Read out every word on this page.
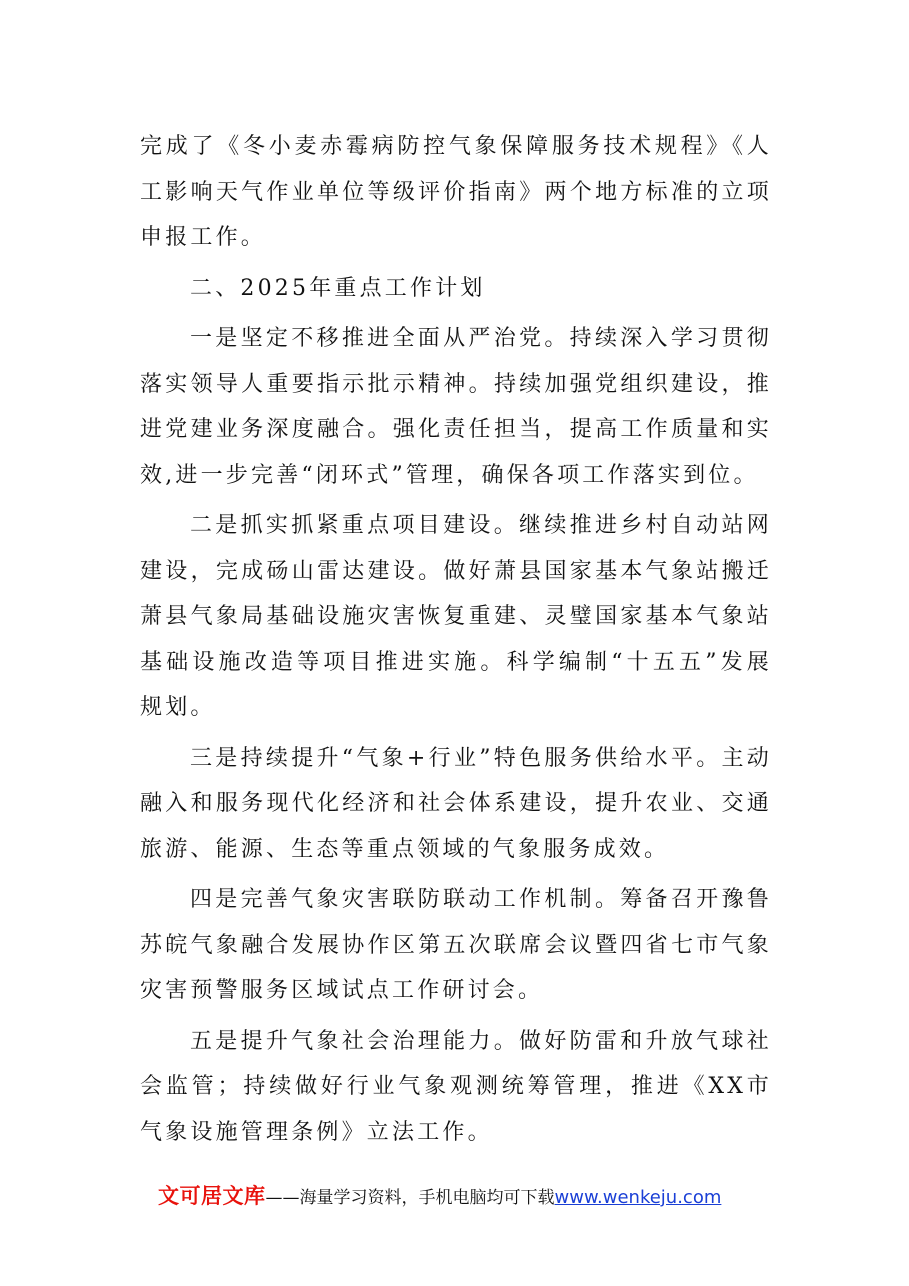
完成了《冬小麦赤霉病防控气象保障服务技术规程》《人工影响天气作业单位等级评价指南》两个地方标准的立项申报工作。

二、2025年重点工作计划

一是坚定不移推进全面从严治党。持续深入学习贯彻落实领导人重要指示批示精神。持续加强党组织建设，推进党建业务深度融合。强化责任担当，提高工作质量和实效,进一步完善“闭环式”管理，确保各项工作落实到位。

二是抓实抓紧重点项目建设。继续推进乡村自动站网建设，完成砀山雷达建设。做好萧县国家基本气象站搬迁萧县气象局基础设施灾害恢复重建、灵璧国家基本气象站基础设施改造等项目推进实施。科学编制“十五五”发展规划。

三是持续提升“气象+行业”特色服务供给水平。主动融入和服务现代化经济和社会体系建设，提升农业、交通旅游、能源、生态等重点领域的气象服务成效。

四是完善气象灾害联防联动工作机制。筹备召开豫鲁苏皖气象融合发展协作区第五次联席会议暨四省七市气象灾害预警服务区域试点工作研讨会。

五是提升气象社会治理能力。做好防雷和升放气球社会监管；持续做好行业气象观测统筹管理，推进《XX市气象设施管理条例》立法工作。

文可居文库——海量学习资料，手机电脑均可下载www.wenkeju.com
